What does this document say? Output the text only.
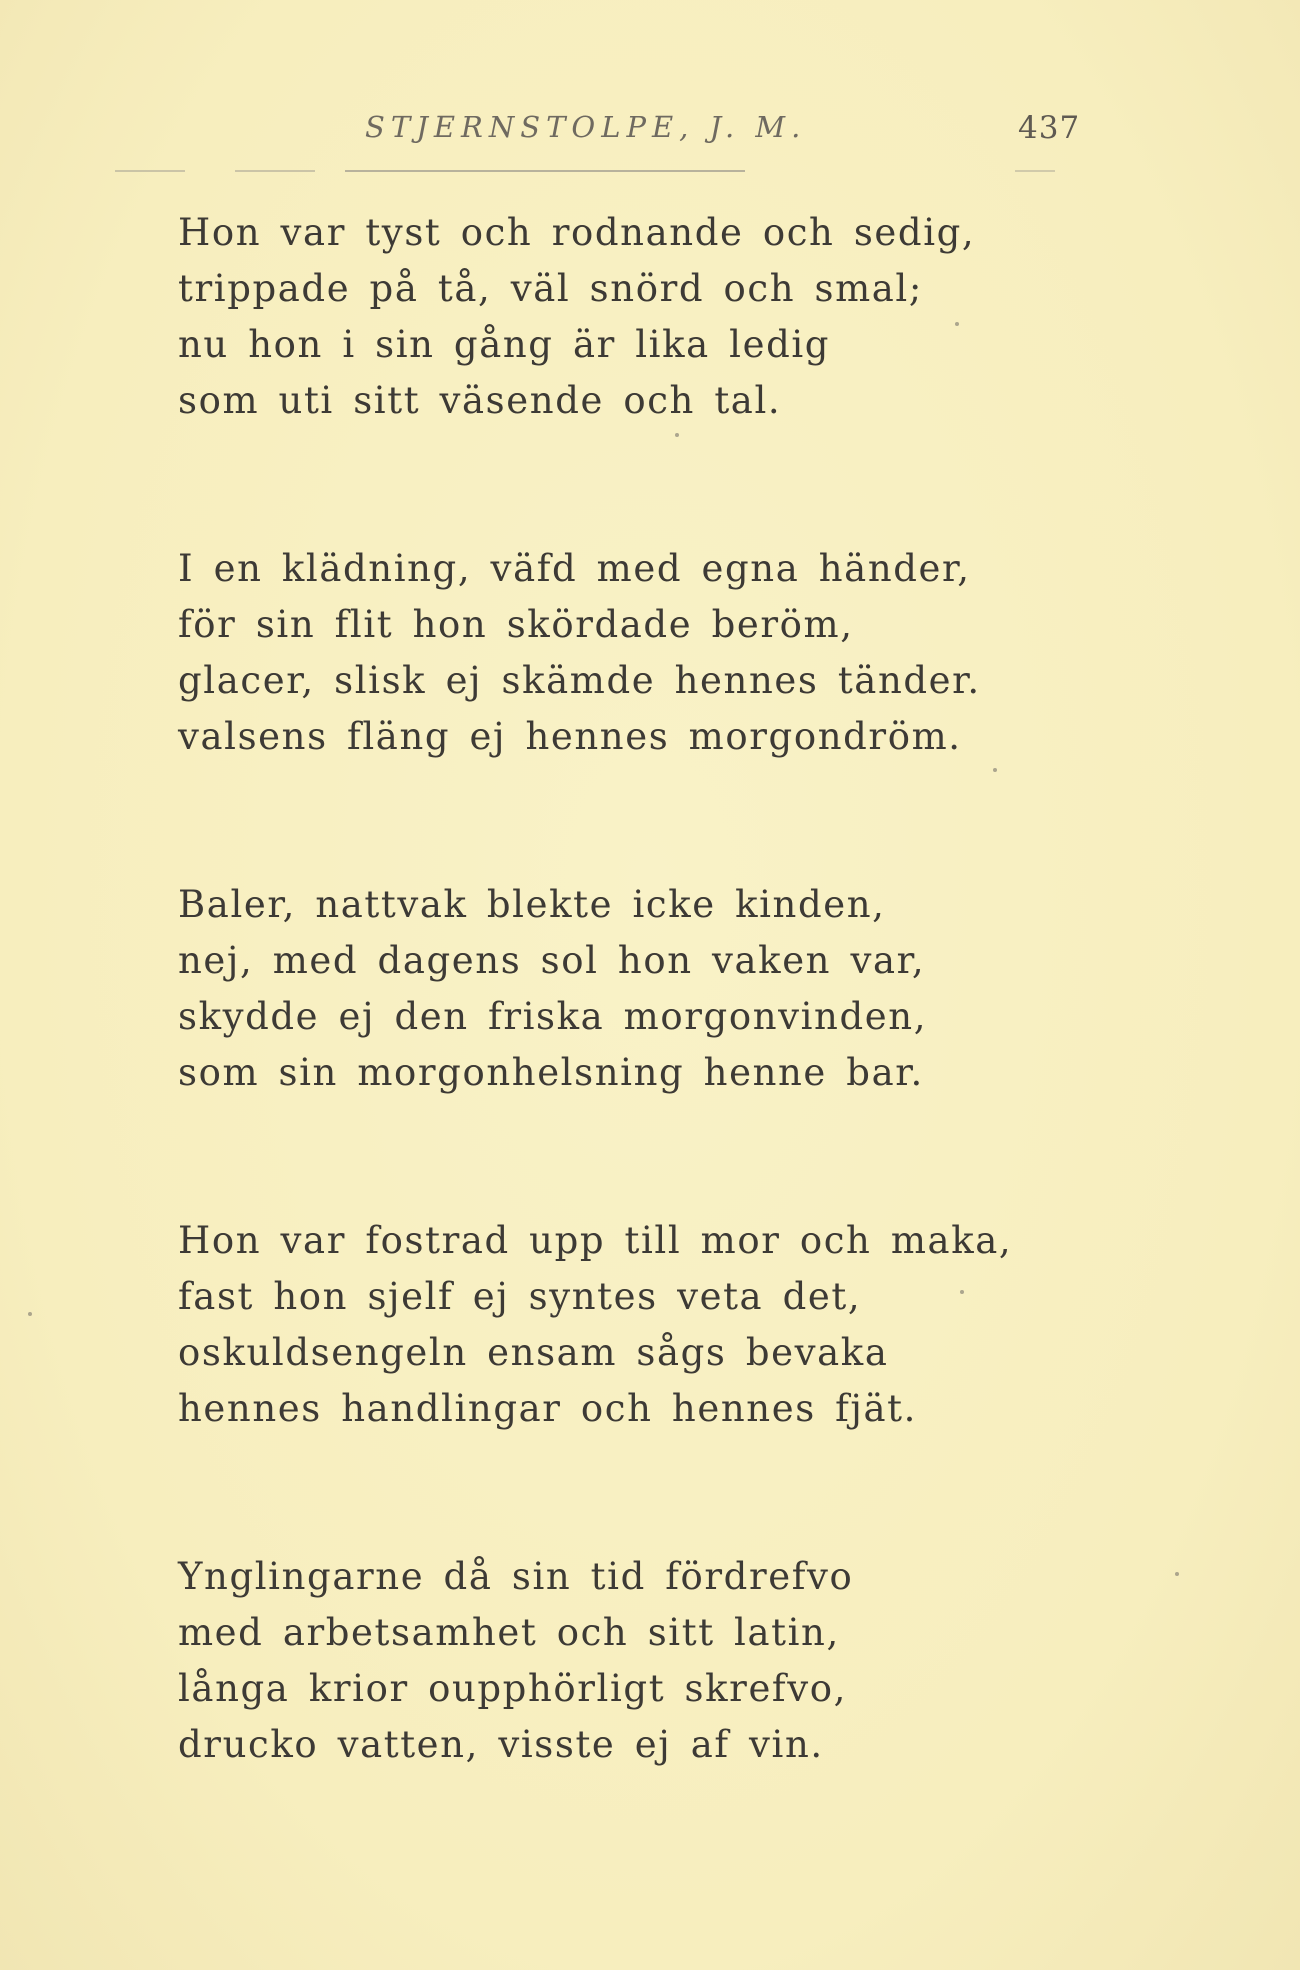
STJERNSTOLPE, J. M.	437
Hon var tyst och rodnande och sedig,
trippade på tå, väl snörd och smal;
nu hon i sin gång är lika ledig
som uti sitt väsende och tal.
I en klädning, väfd med egna händer,
för sin flit hon skördade beröm,
glacer, slisk ej skämde hennes tänder.
valsens fläng ej hennes morgondröm.
Baler, nattvak blekte icke kinden,
nej, med dagens sol hon vaken var,
skydde ej den friska morgonvinden,
som sin morgonhelsning henne bar.
Hon var fostrad upp till mor och maka,
fast hon sjelf ej syntes veta det,
oskuldsengeln ensam sågs bevaka
hennes handlingar och hennes fjät.
Ynglingarne då sin tid fördrefvo
med arbetsamhet och sitt latin,
långa krior oupphörligt skrefvo,
drucko vatten, visste ej af vin.
